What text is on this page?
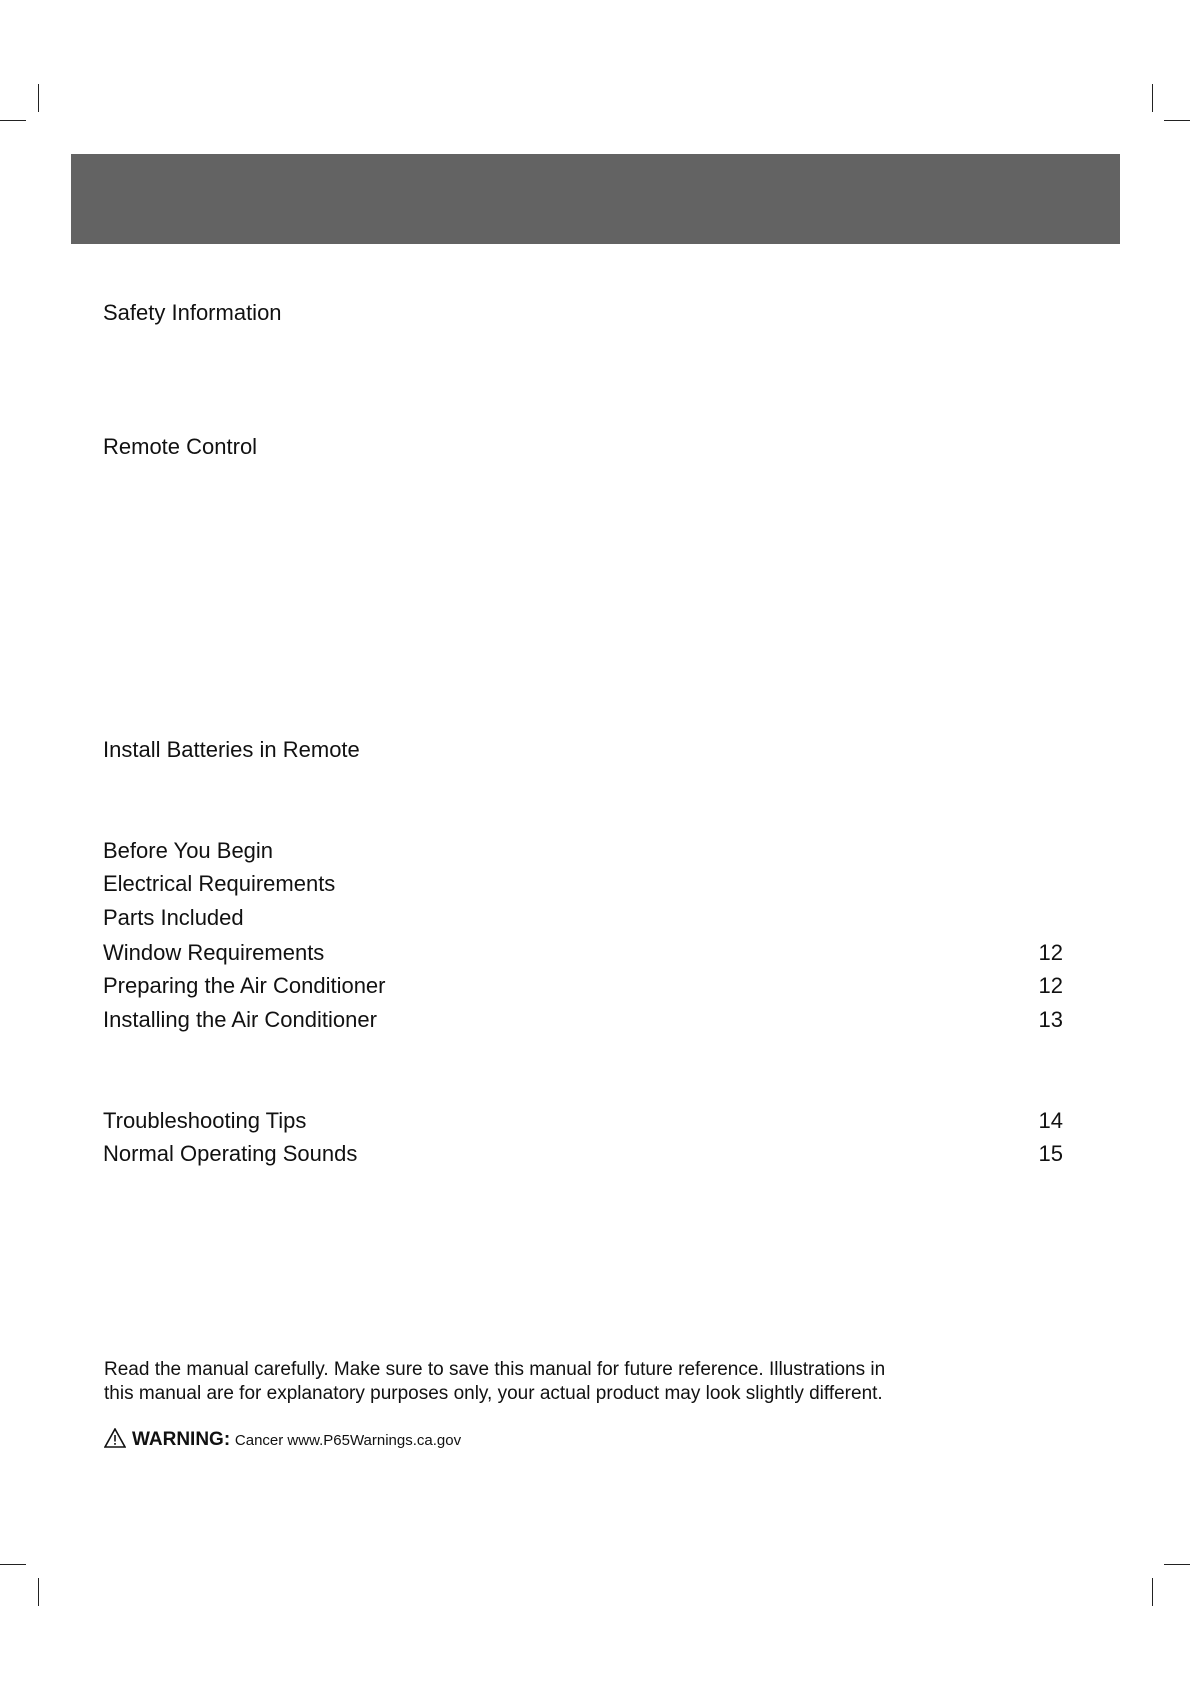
Safety Information
Remote Control
Install Batteries in Remote
Before You Begin
Electrical Requirements
Parts Included
Window Requirements	12
Preparing the Air Conditioner	12
Installing the Air Conditioner	13
Troubleshooting Tips	14
Normal Operating Sounds	15

Read the manual carefully. Make sure to save this manual for future reference. Illustrations in

this manual are for explanatory purposes only, your actual product may look slightly different.

WARNING: Cancer www.P65Warnings.ca.gov
